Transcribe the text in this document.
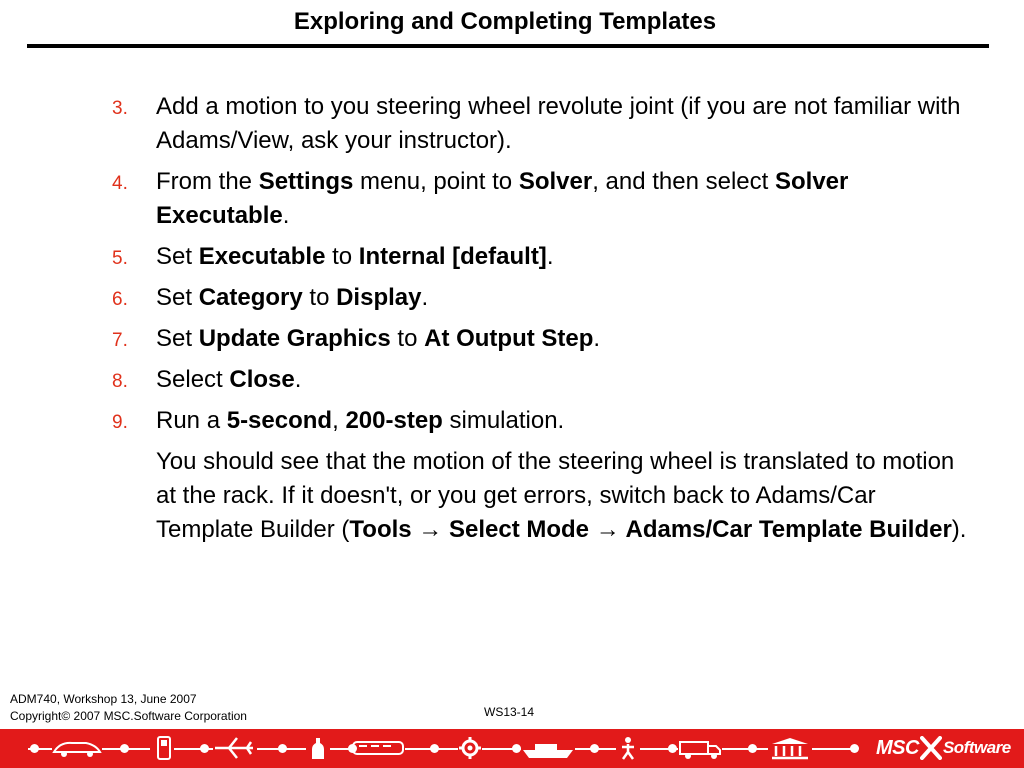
Exploring and Completing Templates
3.	Add a motion to you steering wheel revolute joint (if you are not familiar with Adams/View, ask your instructor).
4.	From the Settings menu, point to Solver, and then select Solver Executable.
5.	Set Executable to Internal [default].
6.	Set Category to Display.
7.	Set Update Graphics to At Output Step.
8.	Select Close.
9.	Run a 5-second, 200-step simulation.
You should see that the motion of the steering wheel is translated to motion at the rack. If it doesn't, or you get errors, switch back to Adams/Car Template Builder (Tools → Select Mode → Adams/Car Template Builder).
ADM740, Workshop 13, June 2007
Copyright© 2007 MSC.Software Corporation	WS13-14
MSC Software
